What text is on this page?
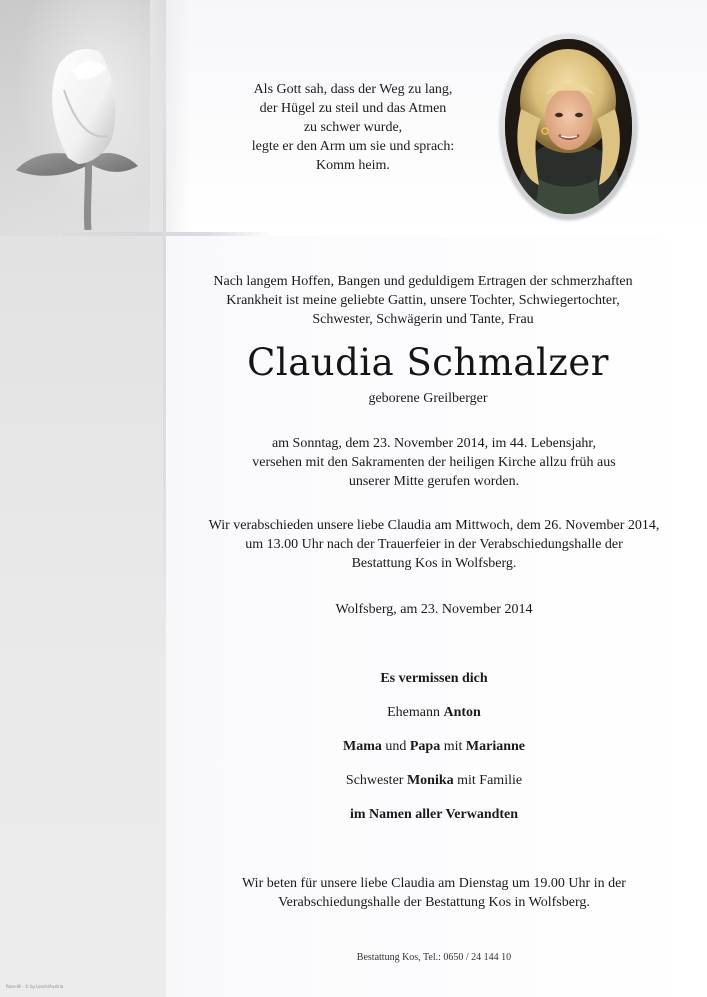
Als Gott sah, dass der Weg zu lang,
der Hügel zu steil und das Atmen
zu schwer wurde,
legte er den Arm um sie und sprach:
Komm heim.
Nach langem Hoffen, Bangen und geduldigem Ertragen der schmerzhaften
Krankheit ist meine geliebte Gattin, unsere Tochter, Schwiegertochter,
Schwester, Schwägerin und Tante, Frau
Claudia Schmalzer
geborene Greilberger
am Sonntag, dem 23. November 2014, im 44. Lebensjahr,
versehen mit den Sakramenten der heiligen Kirche allzu früh aus
unserer Mitte gerufen worden.
Wir verabschieden unsere liebe Claudia am Mittwoch, dem 26. November 2014,
um 13.00 Uhr nach der Trauerfeier in der Verabschiedungshalle der
Bestattung Kos in Wolfsberg.
Wolfsberg, am 23. November 2014
Es vermissen dich
Ehemann Anton
Mama und Papa mit Marianne
Schwester Monika mit Familie
im Namen aller Verwandten
Wir beten für unsere liebe Claudia am Dienstag um 19.00 Uhr in der
Verabschiedungshalle der Bestattung Kos in Wolfsberg.
Bestattung Kos, Tel.: 0650 / 24 144 10
Rose-W - © by Lesch/Austria
